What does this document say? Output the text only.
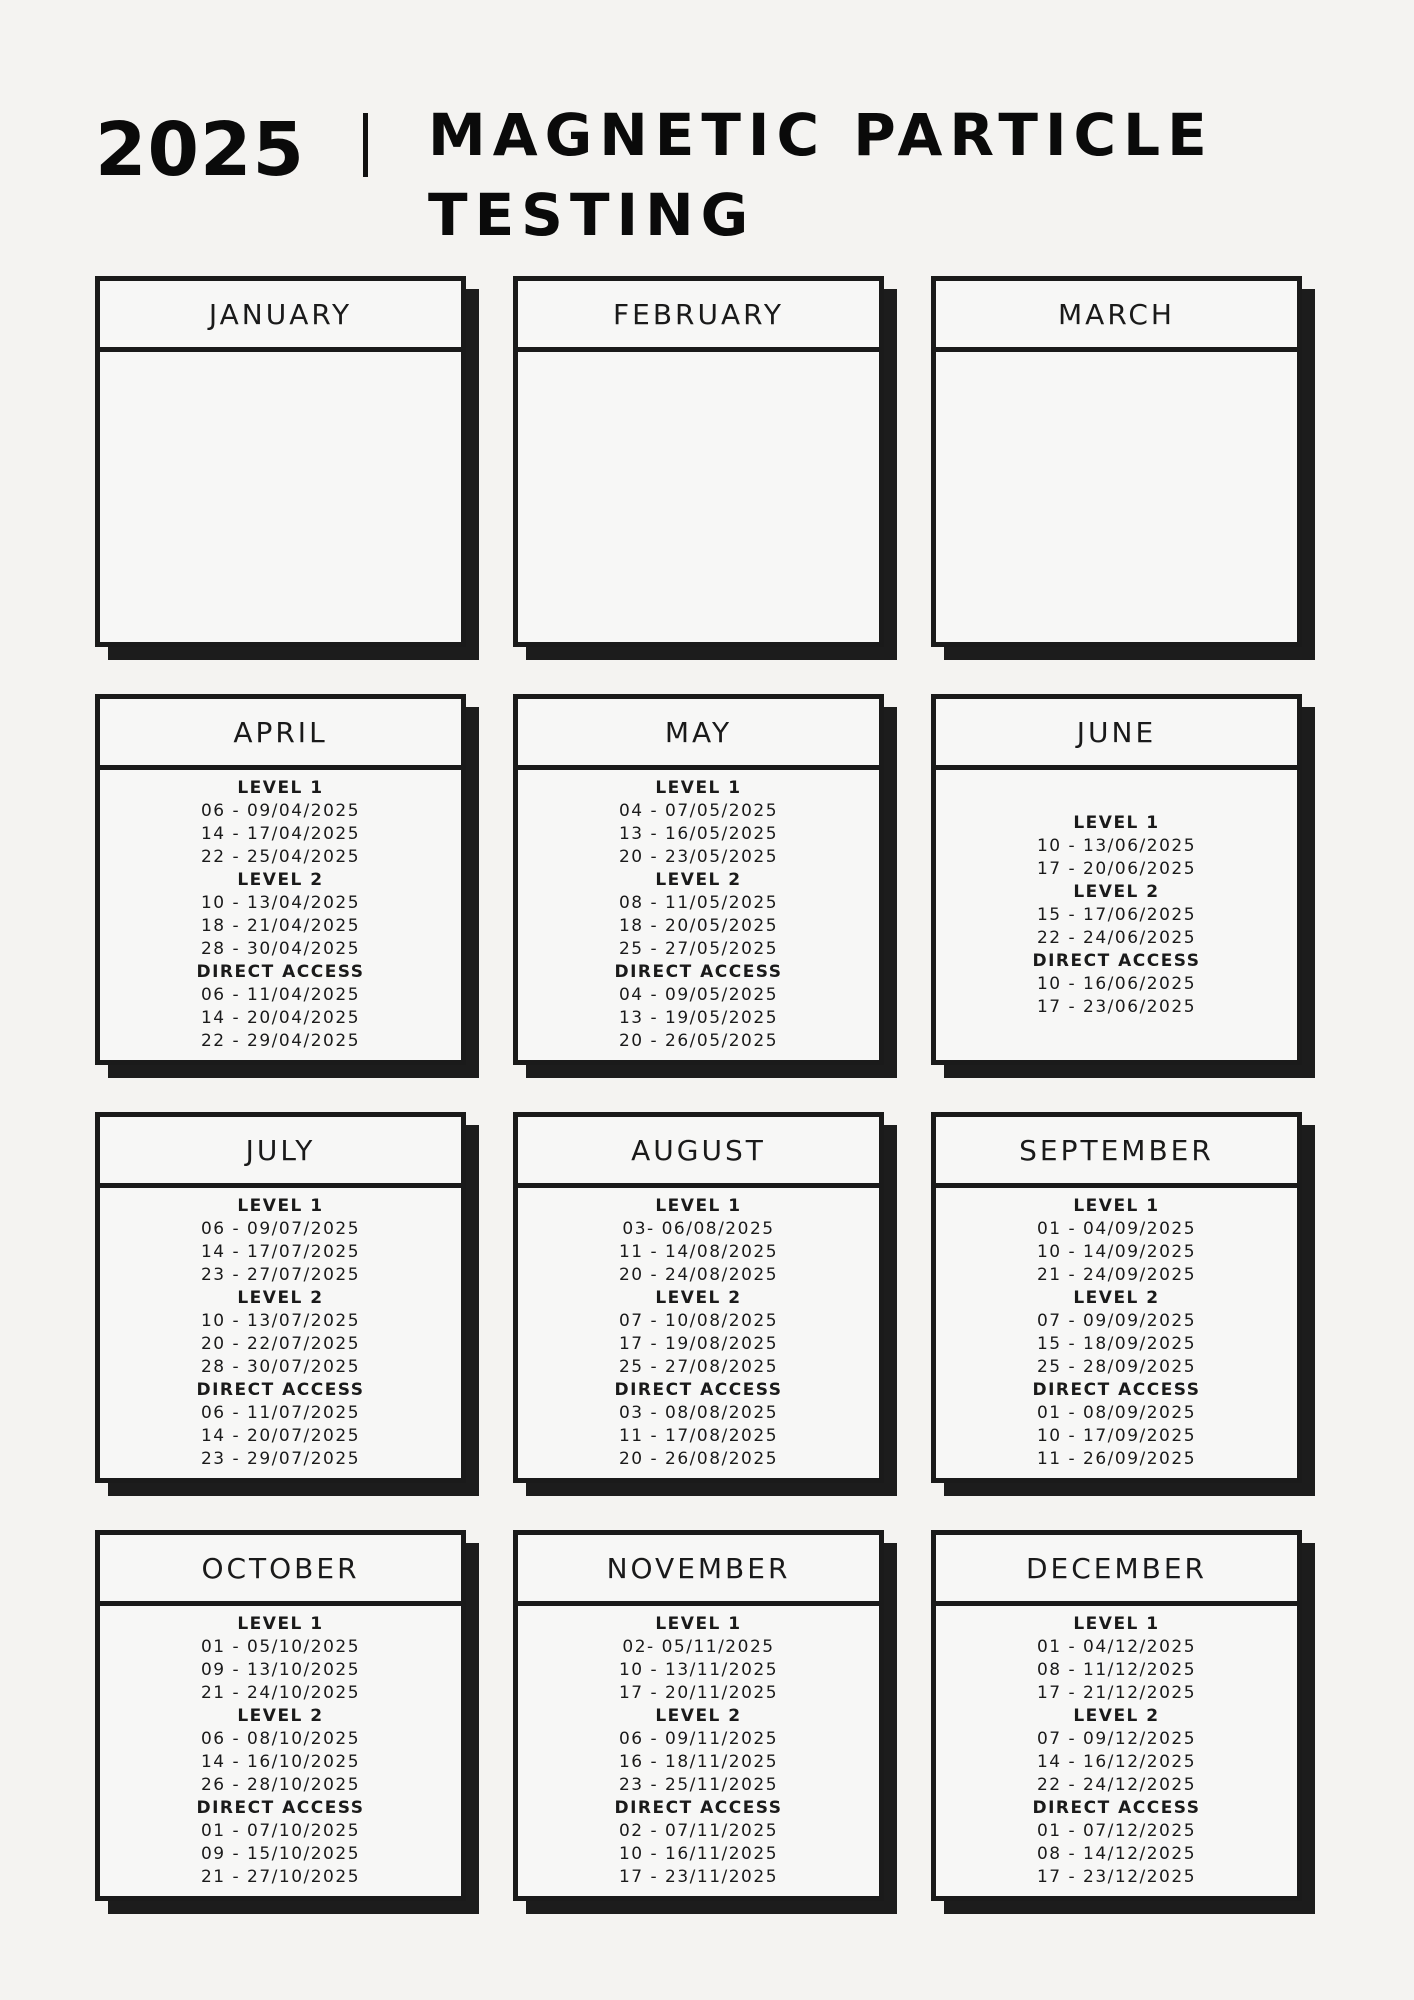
2025 MAGNETIC PARTICLE
TESTING
JANUARY	FEBRUARY	MARCH
APRIL
LEVEL 1
06 - 09/04/2025
14 - 17/04/2025
22 - 25/04/2025
LEVEL 2
10 - 13/04/2025
18 - 21/04/2025
28 - 30/04/2025
DIRECT ACCESS
06 - 11/04/2025
14 - 20/04/2025
22 - 29/04/2025
MAY
LEVEL 1
04 - 07/05/2025
13 - 16/05/2025
20 - 23/05/2025
LEVEL 2
08 - 11/05/2025
18 - 20/05/2025
25 - 27/05/2025
DIRECT ACCESS
04 - 09/05/2025
13 - 19/05/2025
20 - 26/05/2025
JUNE
LEVEL 1
10 - 13/06/2025
17 - 20/06/2025
LEVEL 2
15 - 17/06/2025
22 - 24/06/2025
DIRECT ACCESS
10 - 16/06/2025
17 - 23/06/2025
JULY
LEVEL 1
06 - 09/07/2025
14 - 17/07/2025
23 - 27/07/2025
LEVEL 2
10 - 13/07/2025
20 - 22/07/2025
28 - 30/07/2025
DIRECT ACCESS
06 - 11/07/2025
14 - 20/07/2025
23 - 29/07/2025
AUGUST
LEVEL 1
03- 06/08/2025
11 - 14/08/2025
20 - 24/08/2025
LEVEL 2
07 - 10/08/2025
17 - 19/08/2025
25 - 27/08/2025
DIRECT ACCESS
03 - 08/08/2025
11 - 17/08/2025
20 - 26/08/2025
SEPTEMBER
LEVEL 1
01 - 04/09/2025
10 - 14/09/2025
21 - 24/09/2025
LEVEL 2
07 - 09/09/2025
15 - 18/09/2025
25 - 28/09/2025
DIRECT ACCESS
01 - 08/09/2025
10 - 17/09/2025
11 - 26/09/2025
OCTOBER
LEVEL 1
01 - 05/10/2025
09 - 13/10/2025
21 - 24/10/2025
LEVEL 2
06 - 08/10/2025
14 - 16/10/2025
26 - 28/10/2025
DIRECT ACCESS
01 - 07/10/2025
09 - 15/10/2025
21 - 27/10/2025
NOVEMBER
LEVEL 1
02- 05/11/2025
10 - 13/11/2025
17 - 20/11/2025
LEVEL 2
06 - 09/11/2025
16 - 18/11/2025
23 - 25/11/2025
DIRECT ACCESS
02 - 07/11/2025
10 - 16/11/2025
17 - 23/11/2025
DECEMBER
LEVEL 1
01 - 04/12/2025
08 - 11/12/2025
17 - 21/12/2025
LEVEL 2
07 - 09/12/2025
14 - 16/12/2025
22 - 24/12/2025
DIRECT ACCESS
01 - 07/12/2025
08 - 14/12/2025
17 - 23/12/2025
